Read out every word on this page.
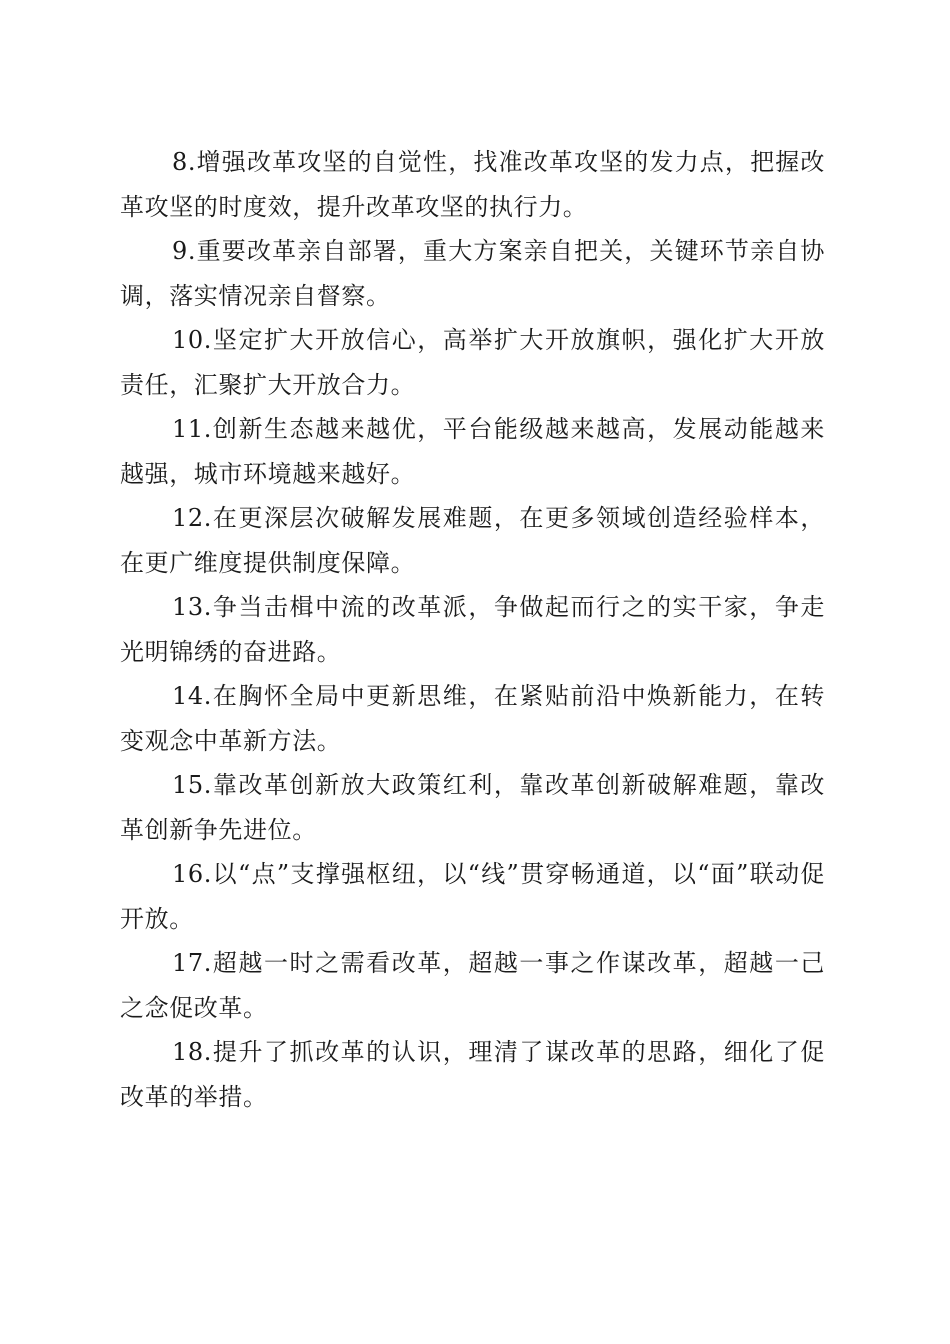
8.增强改革攻坚的自觉性，找准改革攻坚的发力点，把握改革攻坚的时度效，提升改革攻坚的执行力。

9.重要改革亲自部署，重大方案亲自把关，关键环节亲自协调，落实情况亲自督察。

10.坚定扩大开放信心，高举扩大开放旗帜，强化扩大开放责任，汇聚扩大开放合力。

11.创新生态越来越优，平台能级越来越高，发展动能越来越强，城市环境越来越好。

12.在更深层次破解发展难题，在更多领域创造经验样本，在更广维度提供制度保障。

13.争当击楫中流的改革派，争做起而行之的实干家，争走光明锦绣的奋进路。

14.在胸怀全局中更新思维，在紧贴前沿中焕新能力，在转变观念中革新方法。

15.靠改革创新放大政策红利，靠改革创新破解难题，靠改革创新争先进位。

16.以“点”支撑强枢纽，以“线”贯穿畅通道，以“面”联动促开放。

17.超越一时之需看改革，超越一事之作谋改革，超越一己之念促改革。

18.提升了抓改革的认识，理清了谋改革的思路，细化了促改革的举措。
